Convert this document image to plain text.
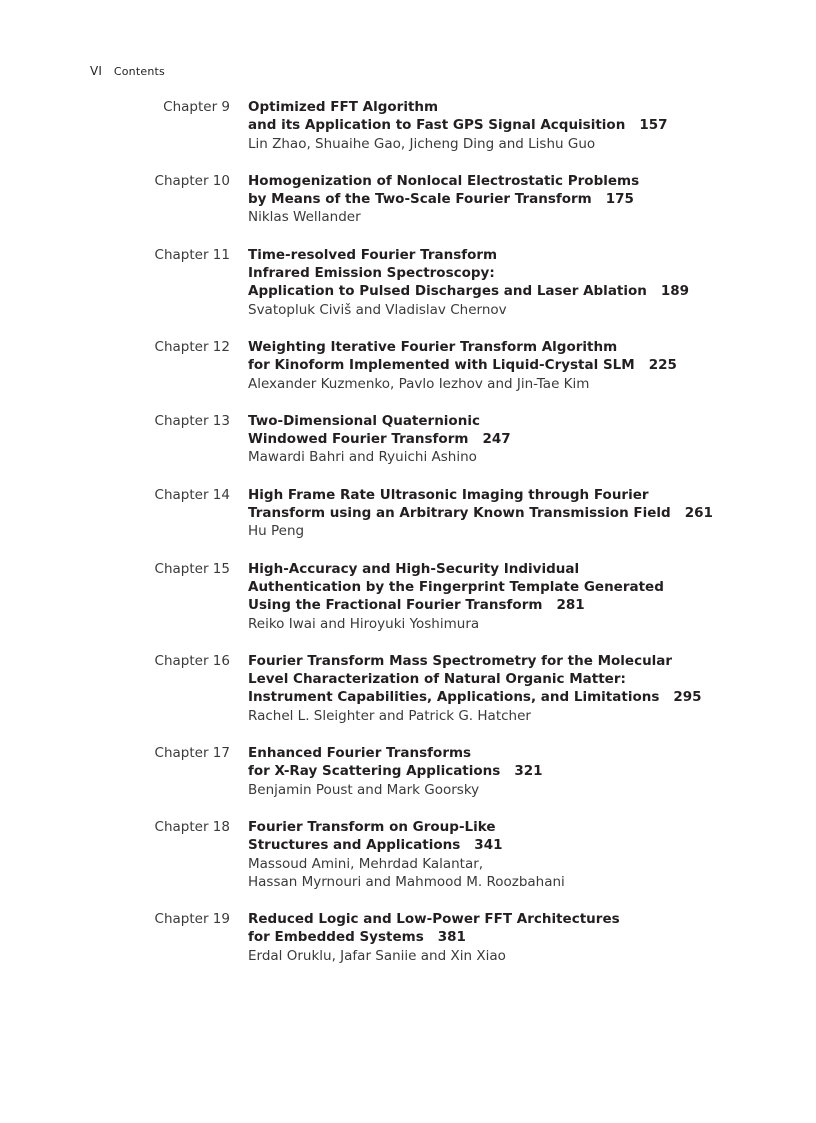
VI Contents
Chapter 9	Optimized FFT Algorithm
and its Application to Fast GPS Signal Acquisition 157
Lin Zhao, Shuaihe Gao, Jicheng Ding and Lishu Guo
Chapter 10	Homogenization of Nonlocal Electrostatic Problems
by Means of the Two-Scale Fourier Transform 175
Niklas Wellander
Chapter 11	Time-resolved Fourier Transform
Infrared Emission Spectroscopy:
Application to Pulsed Discharges and Laser Ablation 189
Svatopluk Civiš and Vladislav Chernov
Chapter 12	Weighting Iterative Fourier Transform Algorithm
for Kinoform Implemented with Liquid-Crystal SLM 225
Alexander Kuzmenko, Pavlo Iezhov and Jin-Tae Kim
Chapter 13	Two-Dimensional Quaternionic
Windowed Fourier Transform 247
Mawardi Bahri and Ryuichi Ashino
Chapter 14	High Frame Rate Ultrasonic Imaging through Fourier
Transform using an Arbitrary Known Transmission Field 261
Hu Peng
Chapter 15	High-Accuracy and High-Security Individual
Authentication by the Fingerprint Template Generated
Using the Fractional Fourier Transform 281
Reiko Iwai and Hiroyuki Yoshimura
Chapter 16	Fourier Transform Mass Spectrometry for the Molecular
Level Characterization of Natural Organic Matter:
Instrument Capabilities, Applications, and Limitations 295
Rachel L. Sleighter and Patrick G. Hatcher
Chapter 17	Enhanced Fourier Transforms
for X-Ray Scattering Applications 321
Benjamin Poust and Mark Goorsky
Chapter 18	Fourier Transform on Group-Like
Structures and Applications 341
Massoud Amini, Mehrdad Kalantar,
Hassan Myrnouri and Mahmood M. Roozbahani
Chapter 19	Reduced Logic and Low-Power FFT Architectures
for Embedded Systems 381
Erdal Oruklu, Jafar Saniie and Xin Xiao
